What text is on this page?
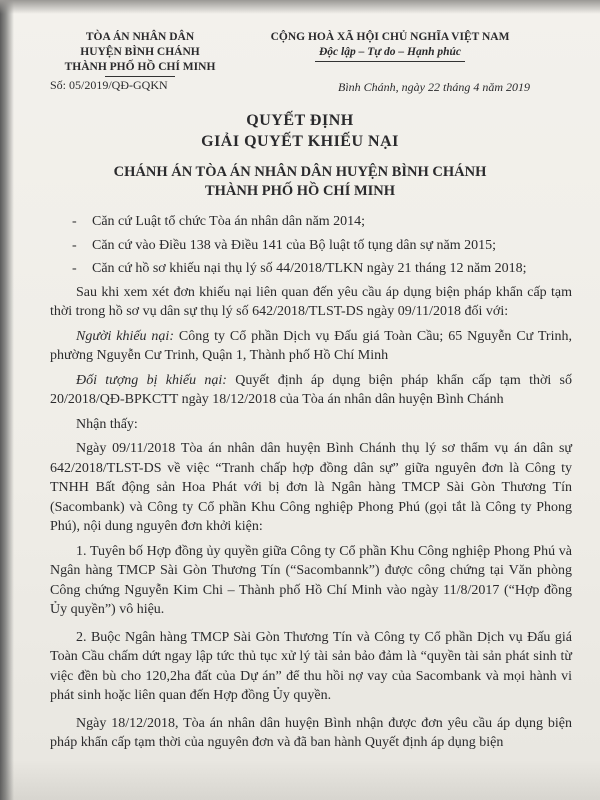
TÒA ÁN NHÂN DÂN
HUYỆN BÌNH CHÁNH
THÀNH PHỐ HỒ CHÍ MINH
Số: 05/2019/QĐ-GQKN
CỘNG HOÀ XÃ HỘI CHỦ NGHĨA VIỆT NAM
Độc lập – Tự do – Hạnh phúc
Bình Chánh, ngày 22 tháng 4 năm 2019
QUYẾT ĐỊNH
GIẢI QUYẾT KHIẾU NẠI
CHÁNH ÁN TÒA ÁN NHÂN DÂN HUYỆN BÌNH CHÁNH
THÀNH PHỐ HỒ CHÍ MINH
- Căn cứ Luật tổ chức Tòa án nhân dân năm 2014;
- Căn cứ vào Điều 138 và Điều 141 của Bộ luật tố tụng dân sự năm 2015;
- Căn cứ hồ sơ khiếu nại thụ lý số 44/2018/TLKN ngày 21 tháng 12 năm 2018;

Sau khi xem xét đơn khiếu nại liên quan đến yêu cầu áp dụng biện pháp khẩn cấp tạm thời trong hồ sơ vụ dân sự thụ lý số 642/2018/TLST-DS ngày 09/11/2018 đối với:

Người khiếu nại: Công ty Cổ phần Dịch vụ Đấu giá Toàn Cầu; 65 Nguyễn Cư Trinh, phường Nguyễn Cư Trinh, Quận 1, Thành phố Hồ Chí Minh

Đối tượng bị khiếu nại: Quyết định áp dụng biện pháp khẩn cấp tạm thời số 20/2018/QĐ-BPKCTT ngày 18/12/2018 của Tòa án nhân dân huyện Bình Chánh

Nhận thấy:

Ngày 09/11/2018 Tòa án nhân dân huyện Bình Chánh thụ lý sơ thẩm vụ án dân sự 642/2018/TLST-DS về việc “Tranh chấp hợp đồng dân sự” giữa nguyên đơn là Công ty TNHH Bất động sản Hoa Phát với bị đơn là Ngân hàng TMCP Sài Gòn Thương Tín (Sacombank) và Công ty Cổ phần Khu Công nghiệp Phong Phú (gọi tắt là Công ty Phong Phú), nội dung nguyên đơn khởi kiện:

1. Tuyên bố Hợp đồng ủy quyền giữa Công ty Cổ phần Khu Công nghiệp Phong Phú và Ngân hàng TMCP Sài Gòn Thương Tín (“Sacombannk”) được công chứng tại Văn phòng Công chứng Nguyễn Kim Chi – Thành phố Hồ Chí Minh vào ngày 11/8/2017 (“Hợp đồng Ủy quyền”) vô hiệu.

2. Buộc Ngân hàng TMCP Sài Gòn Thương Tín và Công ty Cổ phần Dịch vụ Đấu giá Toàn Cầu chấm dứt ngay lập tức thủ tục xử lý tài sản bảo đảm là “quyền tài sản phát sinh từ việc đền bù cho 120,2ha đất của Dự án” để thu hồi nợ vay của Sacombank và mọi hành vi phát sinh hoặc liên quan đến Hợp đồng Ủy quyền.

Ngày 18/12/2018, Tòa án nhân dân huyện Bình nhận được đơn yêu cầu áp dụng biện pháp khẩn cấp tạm thời của nguyên đơn và đã ban hành Quyết định áp dụng biện
